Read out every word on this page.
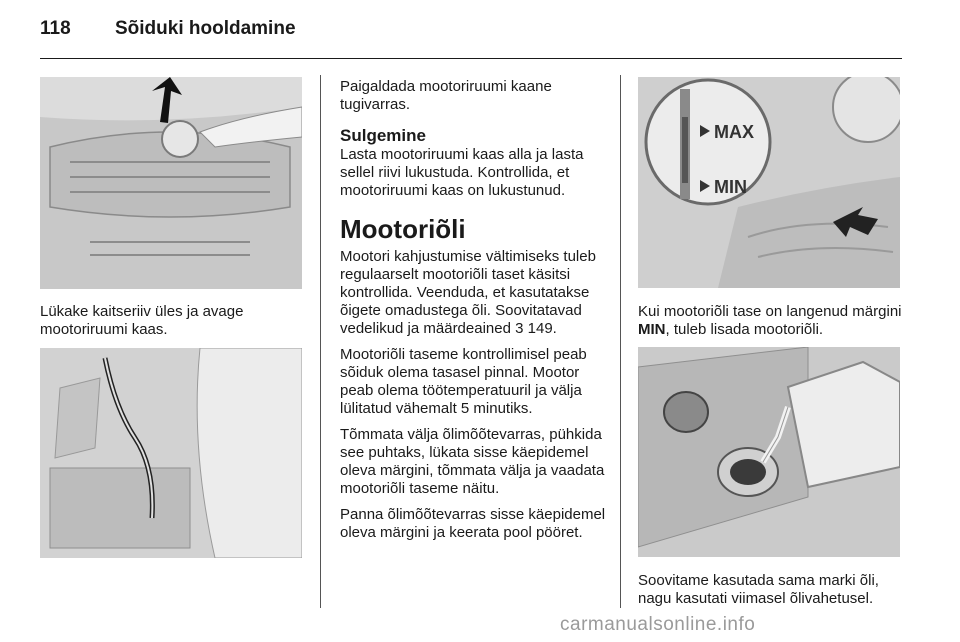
118 Sõiduki hooldamine

Lükake kaitseriiv üles ja avage mootoriruumi kaas.

Paigaldada mootoriruumi kaane tugivarras.

Sulgemine

Lasta mootoriruumi kaas alla ja lasta sellel riivi lukustuda. Kontrollida, et mootoriruumi kaas on lukustunud.

Mootoriõli

Mootori kahjustumise vältimiseks tuleb regulaarselt mootoriõli taset käsitsi kontrollida. Veenduda, et kasutatakse õigete omadustega õli. Soovitatavad vedelikud ja määrdeained 3 149.

Mootoriõli taseme kontrollimisel peab sõiduk olema tasasel pinnal. Mootor peab olema töötemperatuuril ja välja lülitatud vähemalt 5 minutiks.

Tõmmata välja õlimõõtevarras, pühkida see puhtaks, lükata sisse käepidemel oleva märgini, tõmmata välja ja vaadata mootoriõli taseme näitu.

Panna õlimõõtevarras sisse käepidemel oleva märgini ja keerata pool pööret.

MAX
MIN

Kui mootoriõli tase on langenud märgini MIN, tuleb lisada mootoriõli.

Soovitame kasutada sama marki õli, nagu kasutati viimasel õlivahetusel.

carmanualsonline.info
